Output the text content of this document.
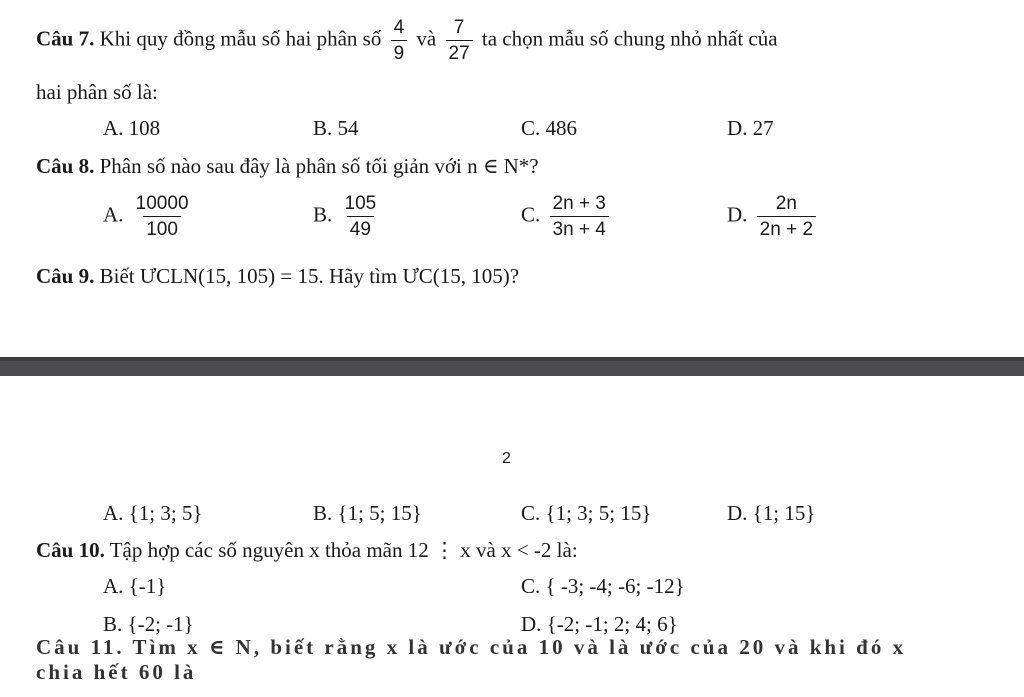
Câu 7. Khi quy đồng mẫu số hai phân số $\frac{4}{9}$ và $\frac{7}{27}$ ta chọn mẫu số chung nhỏ nhất của
hai phân số là:
A. 108	B. 54	C. 486	D. 27
Câu 8. Phân số nào sau đây là phân số tối giản với n ∈ N*?
A. $\frac{10000}{100}$	B. $\frac{105}{49}$	C. $\frac{2n + 3}{3n + 4}$	D. $\frac{2n}{2n + 2}$
Câu 9. Biết ƯCLN(15, 105) = 15. Hãy tìm ƯC(15, 105)?
2
A. {1; 3; 5}	B. {1; 5; 15}	C. {1; 3; 5; 15}	D. {1; 15}
Câu 10. Tập hợp các số nguyên x thỏa mãn 12 ⋮ x và x < -2 là:
A. {-1}	C. { -3; -4; -6; -12}
B. {-2; -1}	D. {-2; -1; 2; 4; 6}
Câu 11. Tìm x ∈ N, biết rằng x là ước của 10 và là ước của 20 và khi đó x chia hết 60 là
